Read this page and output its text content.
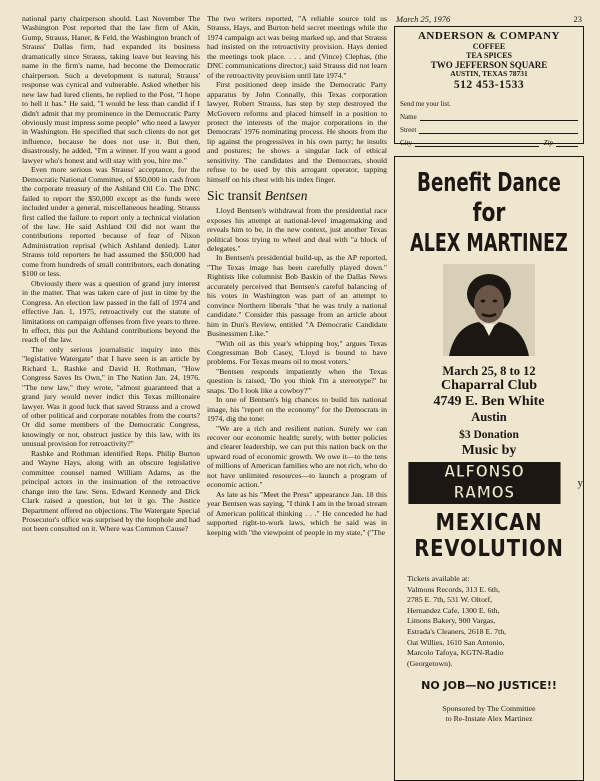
national party chairperson should. Last November The Washington Post reported that the law firm of Akin, Gump, Strauss, Haner, & Feld, the Washington branch of Strauss' Dallas firm, had expanded its business dramatically since Strauss, taking leave but leaving his name in the firm's name, had become the Democratic chairperson. Such a development is natural; Strauss' response was cynical and vulnerable. Asked whether his new law had lured clients, he replied to the Post, "I hope to hell it has." He said, "I would be less than candid if I didn't admit that my prominence in the Democratic Party obviously must impress some people" who need a lawyer in Washington. He specified that such clients do not get influence, because he does not use it. But then, disastrously, he added, "I'm a winner. If you want a good lawyer who's honest and will stay with you, hire me."

Even more serious was Strauss' acceptance, for the Democratic National Committee, of $50,000 in cash from the corporate treasury of the Ashland Oil Co. The DNC failed to report the $50,000 except as the funds were included under a general, miscellaneous heading. Strauss first called the failure to report only a technical violation of the law. He said Ashland Oil did not want the contributions reported because of fear of Nixon Administration reprisal (which Ashland denied). Later Strauss told reporters he had assumed the $50,000 had come from hundreds of small contributors, each donating $100 or less.

Obviously there was a question of grand jury interest in the matter. That was taken care of just in time by the Congress. An election law passed in the fall of 1974 and effective Jan. 1, 1975, retroactively cut the statute of limitations on campaign offenses from five years to three. In effect, this put the Ashland contributions beyond the reach of the law.

The only serious journalistic inquiry into this "legislative Watergate" that I have seen is an article by Richard L. Rashke and David H. Rothman, "How Congress Saves Its Own," in The Nation Jan. 24, 1976. "The new law," they wrote, "almost guaranteed that a grand jury would never indict this Texas millionaire lawyer. Was it good luck that saved Strauss and a crowd of other political and corporate notables from the courts? Or did some members of the Democratic Congress, knowingly or not, obstruct justice by this law, with its unusual provision for retroactivity?"

Rashke and Rothman identified Reps. Philip Burton and Wayne Hays, along with an obscure legislative committee counsel named William Adams, as the principal actors in the insinuation of the retroactive change into the law. Sens. Edward Kennedy and Dick Clark raised a question, but let it go. The Justice Department offered no objections. The Watergate Special Prosecutor's office was surprised by the loophole and had not been consulted on it. Where was Common Cause?

The two writers reported, "A reliable source told us Strauss, Hays, and Burton held secret meetings while the 1974 campaign act was being marked up, and that Strauss had insisted on the retroactivity provision. Hays denied the meetings took place. . . . and (Vince) Clephas, (the DNC communications director,) said Strauss did not learn of the retroactivity provision until late 1974."

First positioned deep inside the Democratic Party apparatus by John Connally, this Texas corporation lawyer, Robert Strauss, has step by step destroyed the McGovern reforms and placed himself in a position to protect the interests of the major corporations in the Democrats' 1976 nominating process. He shoots from the lip against the progressives in his own party; he insults and postures; he shows a singular lack of ethical sensitivity. The candidates and the Democrats, should refuse to be used by this arrogant operator, tapping himself on his chest with his index finger.

Sic transit Bentsen

Lloyd Bentsen's withdrawal from the presidential race exposes his attempt at national-level imagemaking and reveals him to be, in the new context, just another Texas political boss trying to wheel and deal with "a block of delegates."

In Bentsen's presidential build-up, as the AP reported, "The Texas image has been carefully played down." Rightists like columnist Bob Baskin of the Dallas News accurately perceived that Bentsen's careful balancing of his votes in Washington was part of an attempt to convince Northern liberals "that he was truly a national candidate." Consider this passage from an article about him in Dun's Review, entitled "A Democratic Candidate Businessmen Like."

"With oil as this year's whipping boy," argues Texas Congressman Bob Casey, 'Lloyd is bound to have problems. For Texas means oil to most voters.'

"Bentsen responds impatiently when the Texas question is raised, 'Do you think I'm a stereotype?' he snaps. 'Do I look like a cowboy?'"

In one of Bentsen's big chances to build his national image, his "report on the economy" for the Democrats in 1974, dig the tone:

"We are a rich and resilient nation. Surely we can recover our economic health; surely, with better policies and clearer leadership, we can put this nation back on the upward road of economic growth. We owe it—to the tens of millions of American families who are not rich, who do not have unlimited resources—to launch a program of economic action."

As late as his "Meet the Press" appearance Jan. 18 this year Bentsen was saying, "I think I am in the broad stream of American political thinking . . ." He conceded he had supported right-to-work laws, which he said was in keeping with "the viewpoint of people in my state," ("The

March 25, 1976	23
ANDERSON & COMPANY
COFFEE
TEA SPICES
TWO JEFFERSON SQUARE
AUSTIN, TEXAS 78731
512 453-1533
Send me your list.
Name
Street
City	Zip
Benefit Dance
for
ALEX MARTINEZ
March 25, 8 to 12
Chaparral Club
4749 E. Ben White
Austin
$3 Donation
Music by
ALFONSO RAMOS	y
MEXICAN
REVOLUTION
Tickets available at:
Valmons Records, 313 E. 6th,
2785 E. 7th, 531 W. Oltorf,
Hernandez Cafe, 1300 E. 6th,
Limons Bakery, 900 Vargas,
Estrada's Cleaners, 2618 E. 7th,
Oat Willies, 1610 San Antonio,
Marcolo Tafoya, KGTN-Radio
(Georgetown).
NO JOB—NO JUSTICE!!
Sponsored by The Committee
to Re-Instate Alex Martinez
